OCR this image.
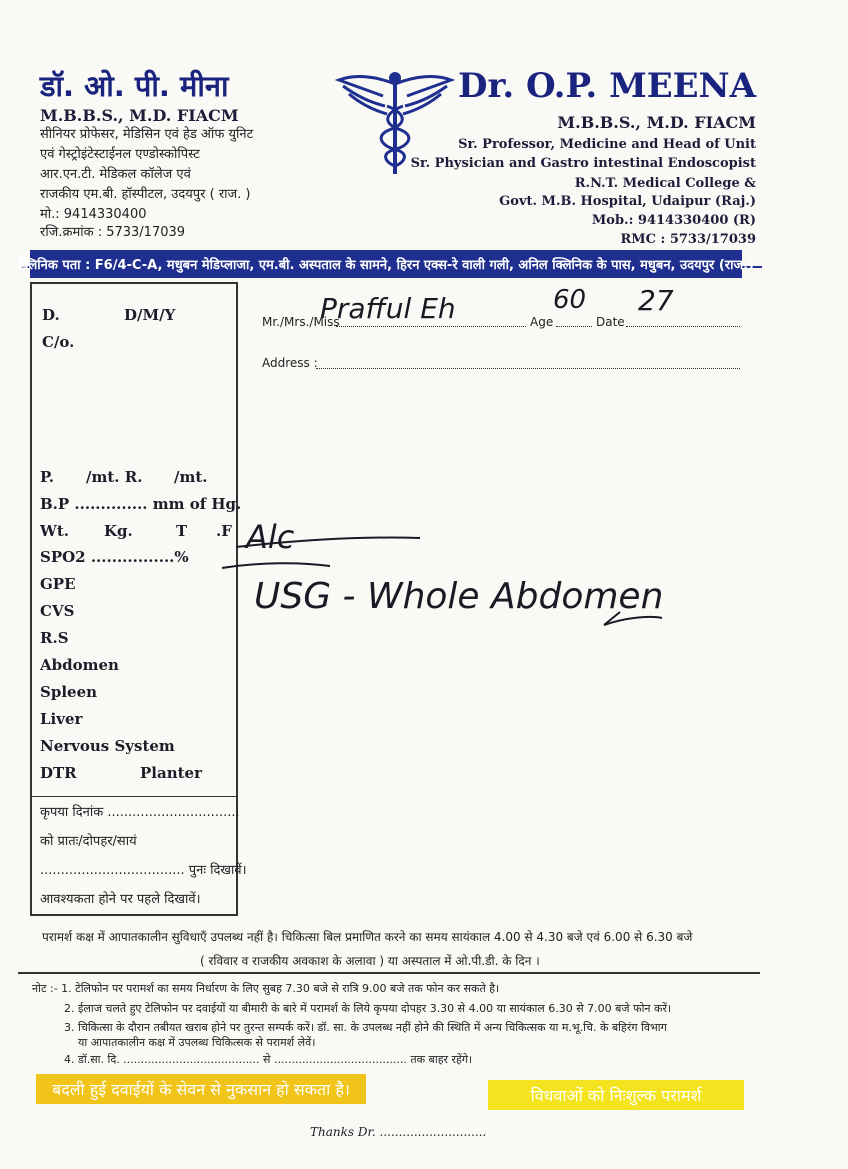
डॉ. ओ. पी. मीना
M.B.B.S., M.D. FIACM
सीनियर प्रोफेसर, मेडिसिन एवं हेड ऑफ युनिट
एवं गेस्ट्रोइंटेस्टाईनल एण्डोस्कोपिस्ट
आर.एन.टी. मेडिकल कॉलेज एवं
राजकीय एम.बी. हॉस्पीटल, उदयपुर ( राज. )
मो.: 9414330400
रजि.क्रमांक : 5733/17039
Dr. O.P. MEENA
M.B.B.S., M.D. FIACM
Sr. Professor, Medicine and Head of Unit
Sr. Physician and Gastro intestinal Endoscopist
R.N.T. Medical College &
Govt. M.B. Hospital, Udaipur (Raj.)
Mob.: 9414330400 (R)
RMC : 5733/17039
क्लिनिक पता : F6/4-C-A, मधुबन मेडिप्लाजा, एम.बी. अस्पताल के सामने, हिरन एक्स-रे वाली गली, अनिल क्लिनिक के पास, मधुबन, उदयपुर (राज.)
D.	D/M/Y
C/o.
P. /mt. R. /mt.
B.P .............. mm of Hg.
Wt. Kg.	T .F
SPO2 ................%
GPE
CVS
R.S
Abdomen
Spleen
Liver
Nervous System
DTR	Planter
कृपया दिनांक ................................
को प्रातः/दोपहर/सायं
................................... पुनः दिखावें।
आवश्यकता होने पर पहले दिखावें।
Mr./Mrs./Miss	Age	Date
Address :
Prafful Eh	60 27
Alc
USG - Whole Abdomen
परामर्श कक्ष में आपातकालीन सुविधाएँ उपलब्ध नहीं है। चिकित्सा बिल प्रमाणित करने का समय सायंकाल 4.00 से 4.30 बजे एवं 6.00 से 6.30 बजे
( रविवार व राजकीय अवकाश के अलावा ) या अस्पताल में ओ.पी.डी. के दिन ।
नोट :- 1. टेलिफोन पर परामर्श का समय निर्धारण के लिए सुबह 7.30 बजे से रात्रि 9.00 बजे तक फोन कर सकते है।
2. ईलाज चलते हुए टेलिफोन पर दवाईयों या बीमारी के बारे में परामर्श के लिये कृपया दोपहर 3.30 से 4.00 या सायंकाल 6.30 से 7.00 बजे फोन करें।
3. चिकित्सा के दौरान तबीयत खराब होने पर तुरन्त सम्पर्क करें। डॉ. सा. के उपलब्ध नहीं होने की स्थिति में अन्य चिकित्सक या म.भू.चि. के बहिरंग विभाग
या आपातकालीन कक्ष में उपलब्ध चिकित्सक से परामर्श लेवें।
4. डॉ.सा. दि. ....................................... से ...................................... तक बाहर रहेंगे।
बदली हुई दवाईयों के सेवन से नुकसान हो सकता है।	विधवाओं को निःशुल्क परामर्श
Thanks Dr. ............................
